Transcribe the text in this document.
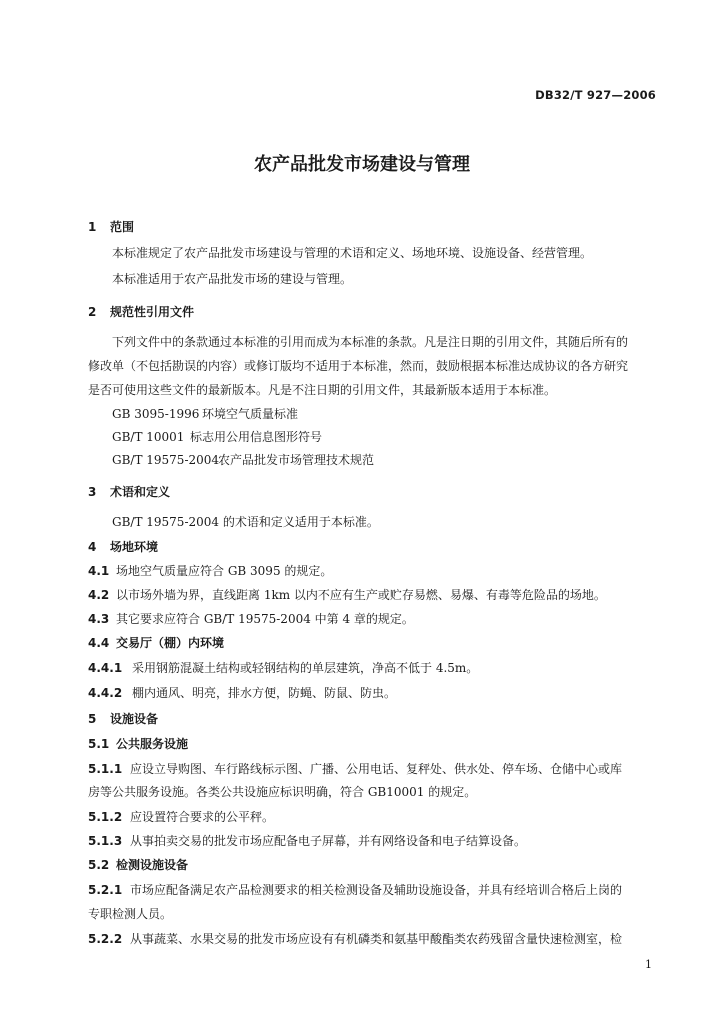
DB32/T 927—2006
农产品批发市场建设与管理
1 范围
本标准规定了农产品批发市场建设与管理的术语和定义、场地环境、设施设备、经营管理。
本标准适用于农产品批发市场的建设与管理。
2 规范性引用文件
下列文件中的条款通过本标准的引用而成为本标准的条款。凡是注日期的引用文件，其随后所有的
修改单（不包括勘误的内容）或修订版均不适用于本标准，然而，鼓励根据本标准达成协议的各方研究
是否可使用这些文件的最新版本。凡是不注日期的引用文件，其最新版本适用于本标准。
GB 3095-1996 环境空气质量标准
GB/T 10001 标志用公用信息图形符号
GB/T 19575-2004农产品批发市场管理技术规范
3 术语和定义
GB/T 19575-2004 的术语和定义适用于本标准。
4 场地环境
4.1 场地空气质量应符合 GB 3095 的规定。
4.2 以市场外墙为界，直线距离 1km 以内不应有生产或贮存易燃、易爆、有毒等危险品的场地。
4.3 其它要求应符合 GB/T 19575-2004 中第 4 章的规定。
4.4 交易厅（棚）内环境
4.4.1 采用钢筋混凝土结构或轻钢结构的单层建筑，净高不低于 4.5m。
4.4.2 棚内通风、明亮，排水方便，防蝇、防鼠、防虫。
5 设施设备
5.1 公共服务设施
5.1.1 应设立导购图、车行路线标示图、广播、公用电话、复秤处、供水处、停车场、仓储中心或库
房等公共服务设施。各类公共设施应标识明确，符合 GB10001 的规定。
5.1.2 应设置符合要求的公平秤。
5.1.3 从事拍卖交易的批发市场应配备电子屏幕，并有网络设备和电子结算设备。
5.2 检测设施设备
5.2.1 市场应配备满足农产品检测要求的相关检测设备及辅助设施设备，并具有经培训合格后上岗的
专职检测人员。
5.2.2 从事蔬菜、水果交易的批发市场应设有有机磷类和氨基甲酸酯类农药残留含量快速检测室，检
1
